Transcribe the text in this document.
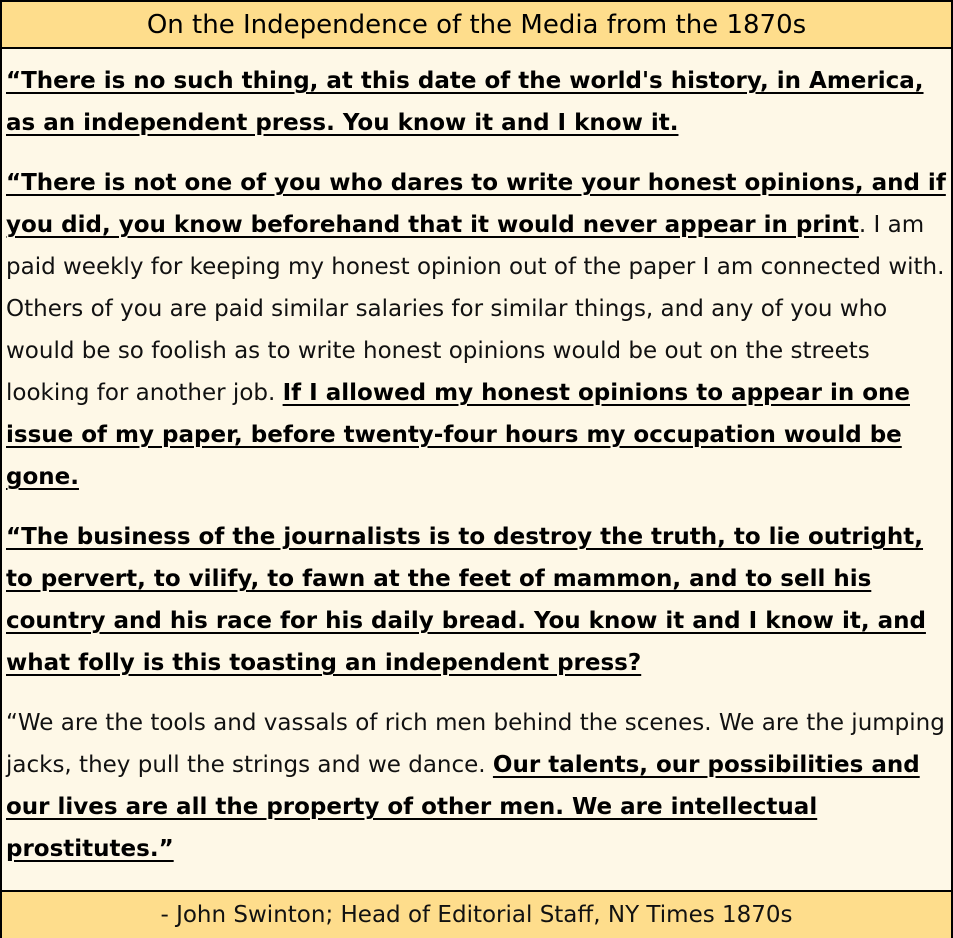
On the Independence of the Media from the 1870s

“There is no such thing, at this date of the world's history, in America, as an independent press. You know it and I know it.

“There is not one of you who dares to write your honest opinions, and if you did, you know beforehand that it would never appear in print. I am paid weekly for keeping my honest opinion out of the paper I am connected with. Others of you are paid similar salaries for similar things, and any of you who would be so foolish as to write honest opinions would be out on the streets looking for another job. If I allowed my honest opinions to appear in one issue of my paper, before twenty-four hours my occupation would be gone.

“The business of the journalists is to destroy the truth, to lie outright, to pervert, to vilify, to fawn at the feet of mammon, and to sell his country and his race for his daily bread. You know it and I know it, and what folly is this toasting an independent press?

“We are the tools and vassals of rich men behind the scenes. We are the jumping jacks, they pull the strings and we dance. Our talents, our possibilities and our lives are all the property of other men. We are intellectual prostitutes.”

- John Swinton; Head of Editorial Staff, NY Times 1870s
